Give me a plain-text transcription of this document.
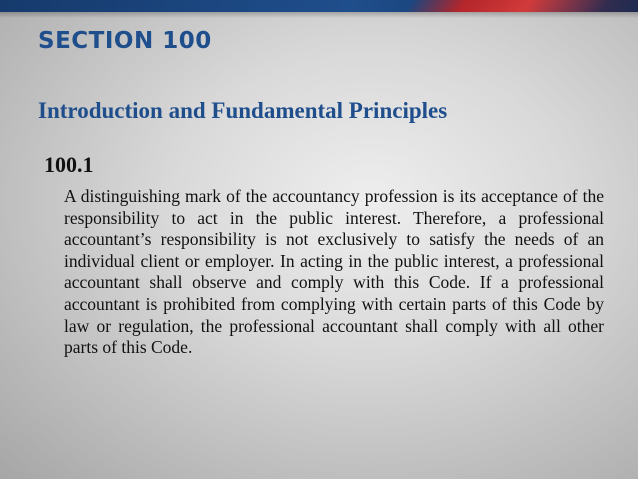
SECTION 100
Introduction and Fundamental Principles
100.1

A distinguishing mark of the accountancy profession is its acceptance of the responsibility to act in the public interest. Therefore, a professional accountant’s responsibility is not exclusively to satisfy the needs of an individual client or employer. In acting in the public interest, a professional accountant shall observe and comply with this Code. If a professional accountant is prohibited from complying with certain parts of this Code by law or regulation, the professional accountant shall comply with all other parts of this Code.
